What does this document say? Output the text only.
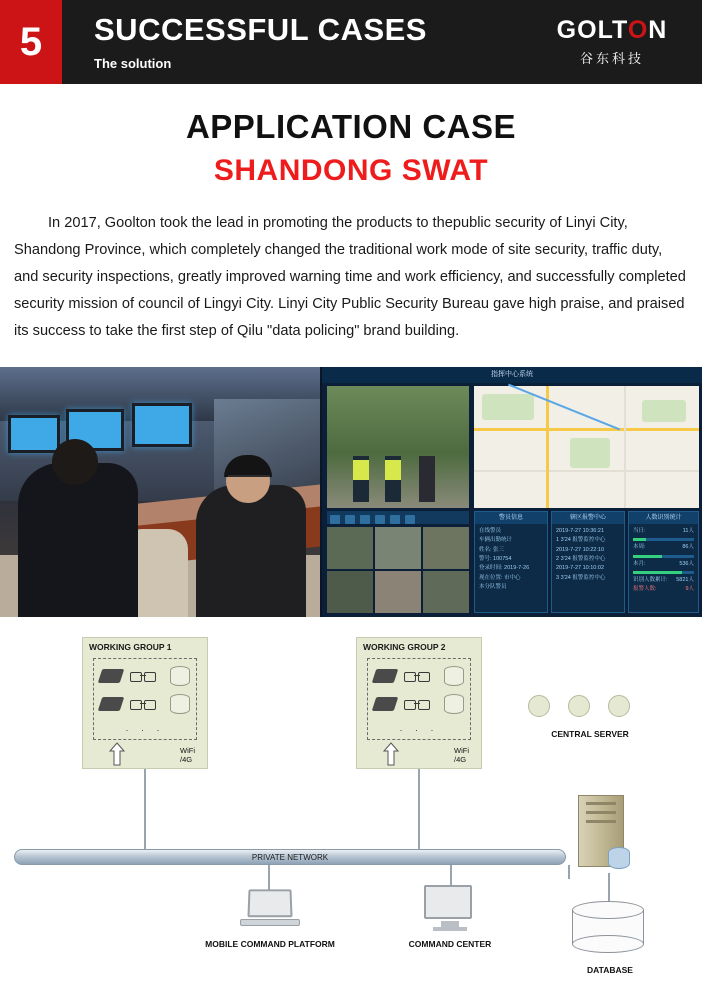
5	SUCCESSFUL CASES
The solution
GOLTON
谷东科技
APPLICATION CASE
SHANDONG SWAT

In 2017, Goolton took the lead in promoting the products to thepublic security of Linyi City, Shandong Province, which completely changed the traditional work mode of site security, traffic duty, and security inspections, greatly improved warning time and work efficiency, and successfully completed security mission of council of Lingyi City. Linyi City Public Security Bureau gave high praise, and praised its success to take the first step of Qilu "data policing" brand building.

指挥中心系统
警员信息
在线警员
车辆出勤统计
姓名: 张三
警号: 100754
登录时间: 2019-7-26
现在位置: 市中心
本分队警员
辖区报警中心
2019-7-27 10:36:21
1 3'24 报警监控中心
2019-7-27 10:22:10
2 3'24 报警监控中心
2019-7-27 10:10:02
3 3'24 报警监控中心
人数识别统计
当日:	11人
本周:	86人
本月:	536人
识别人数累计: 5821人
报警人数:	9人
WORKING GROUP 1
· · ·
WiFi
/4G
WORKING GROUP 2
· · ·
WiFi
/4G
CENTRAL SERVER
PRIVATE NETWORK
MOBILE COMMAND PLATFORM	COMMAND CENTER
DATABASE
